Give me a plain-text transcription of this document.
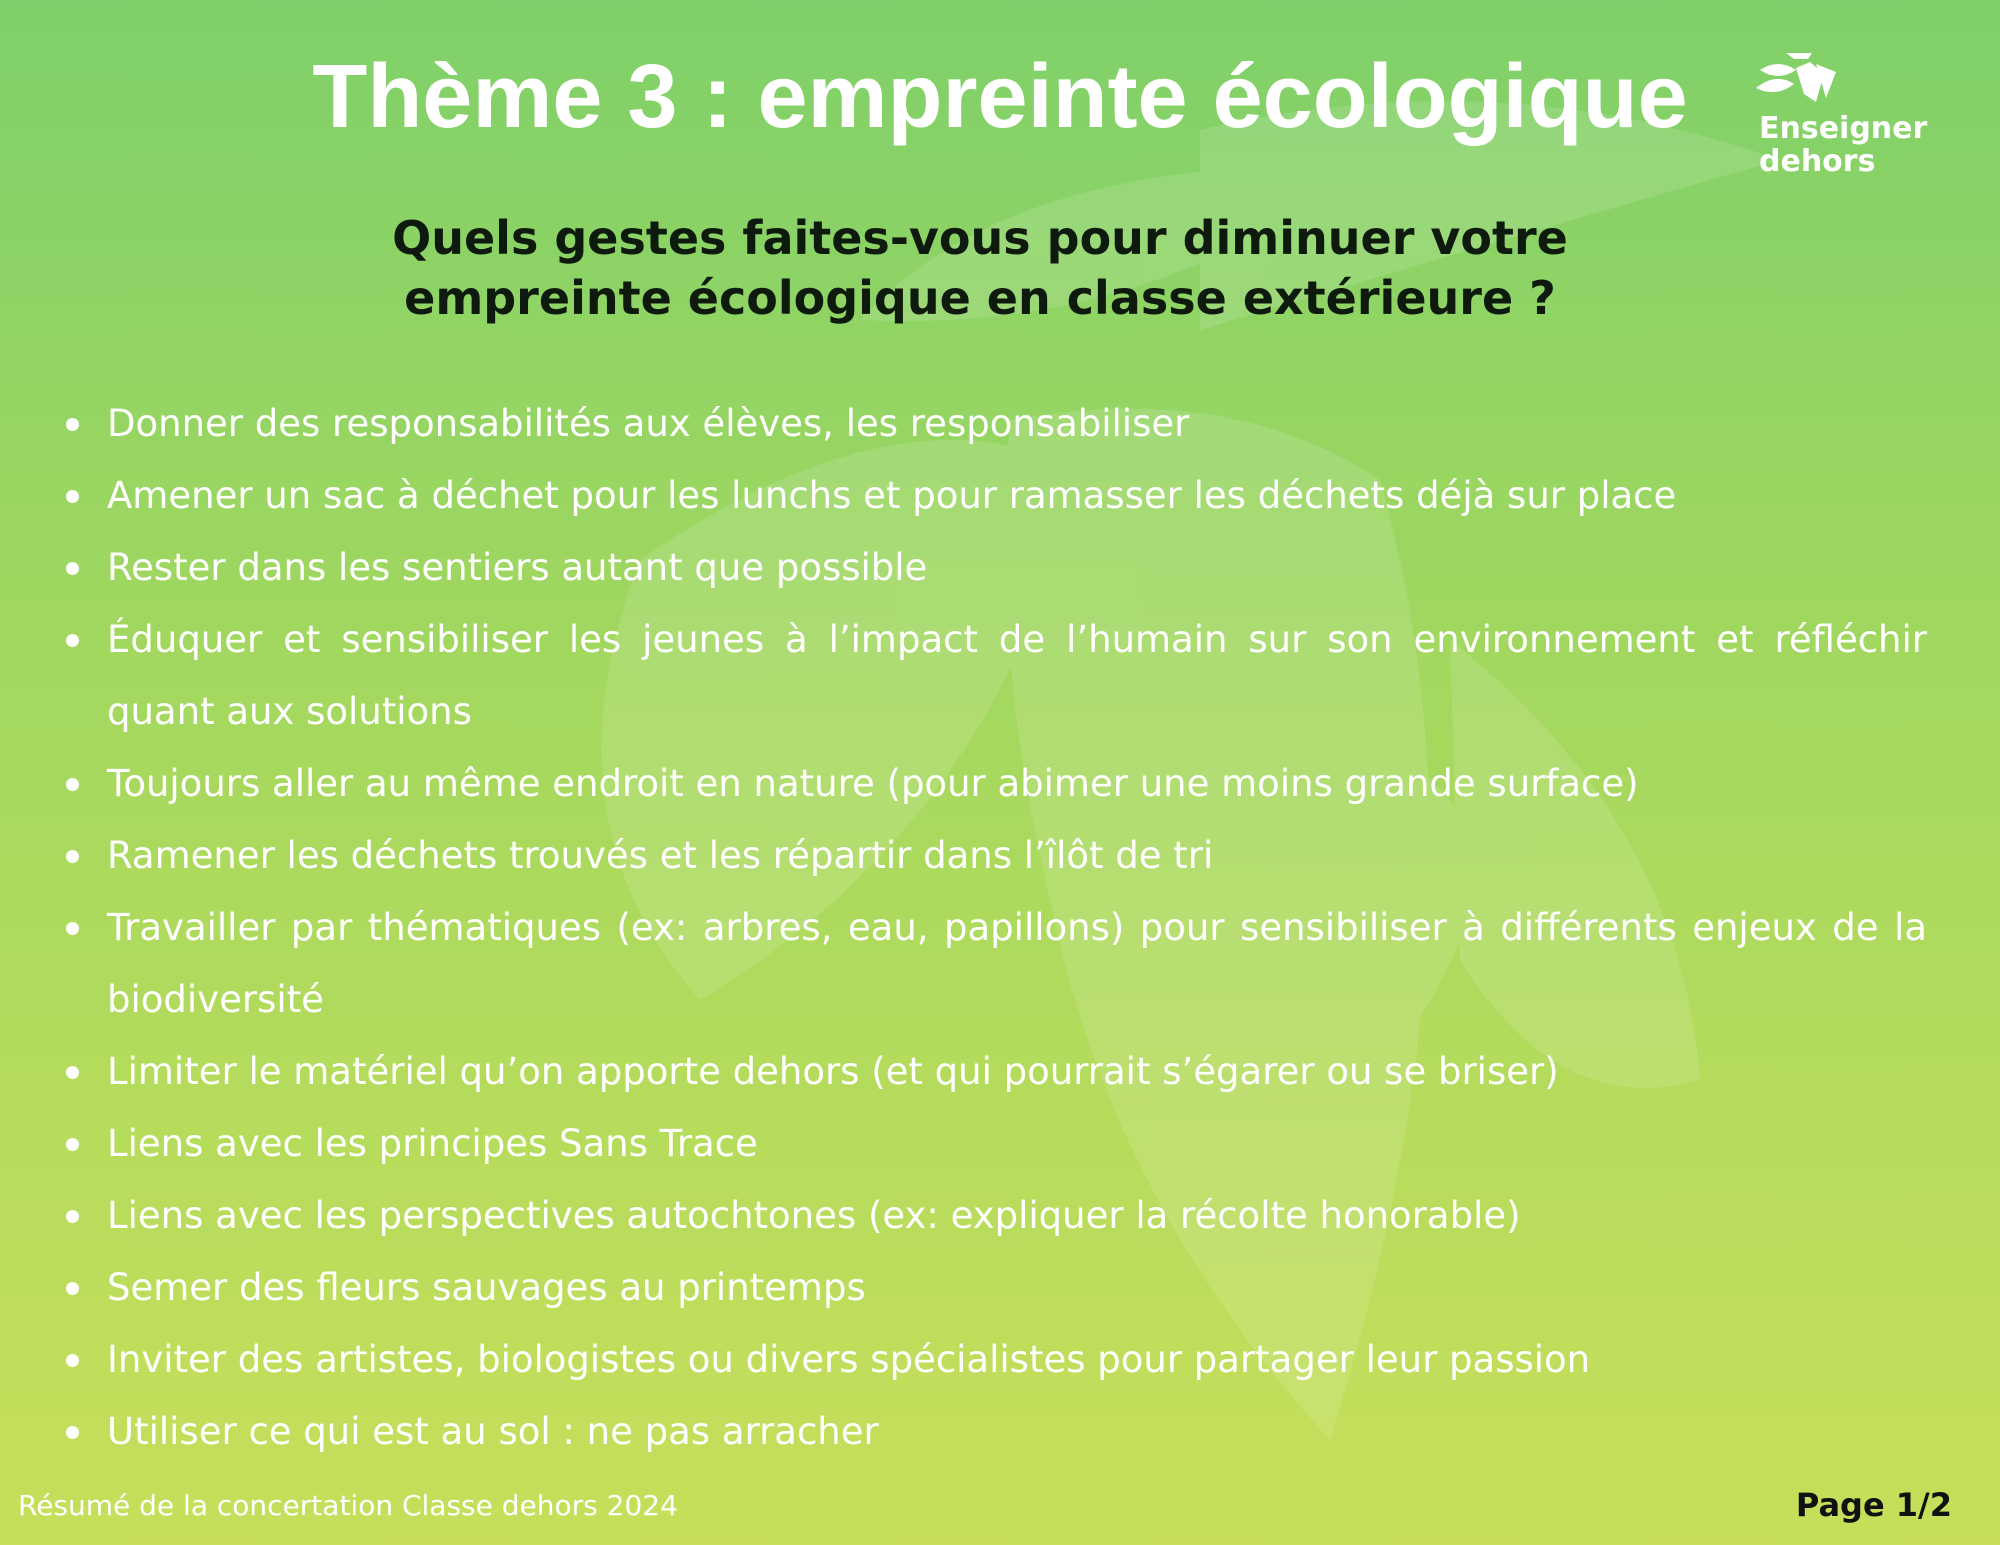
Thème 3 : empreinte écologique	Enseigner
dehors
Quels gestes faites-vous pour diminuer votre empreinte écologique en classe extérieure ?
Donner des responsabilités aux élèves, les responsabiliser
Amener un sac à déchet pour les lunchs et pour ramasser les déchets déjà sur place
Rester dans les sentiers autant que possible
Éduquer et sensibiliser les jeunes à l’impact de l’humain sur son environnement et réfléchir quant aux solutions
Toujours aller au même endroit en nature (pour abimer une moins grande surface)
Ramener les déchets trouvés et les répartir dans l’îlôt de tri
Travailler par thématiques (ex: arbres, eau, papillons) pour sensibiliser à différents enjeux de la biodiversité
Limiter le matériel qu’on apporte dehors (et qui pourrait s’égarer ou se briser)
Liens avec les principes Sans Trace
Liens avec les perspectives autochtones (ex: expliquer la récolte honorable)
Semer des fleurs sauvages au printemps
Inviter des artistes, biologistes ou divers spécialistes pour partager leur passion
Utiliser ce qui est au sol : ne pas arracher
Résumé de la concertation Classe dehors 2024	Page 1/2
